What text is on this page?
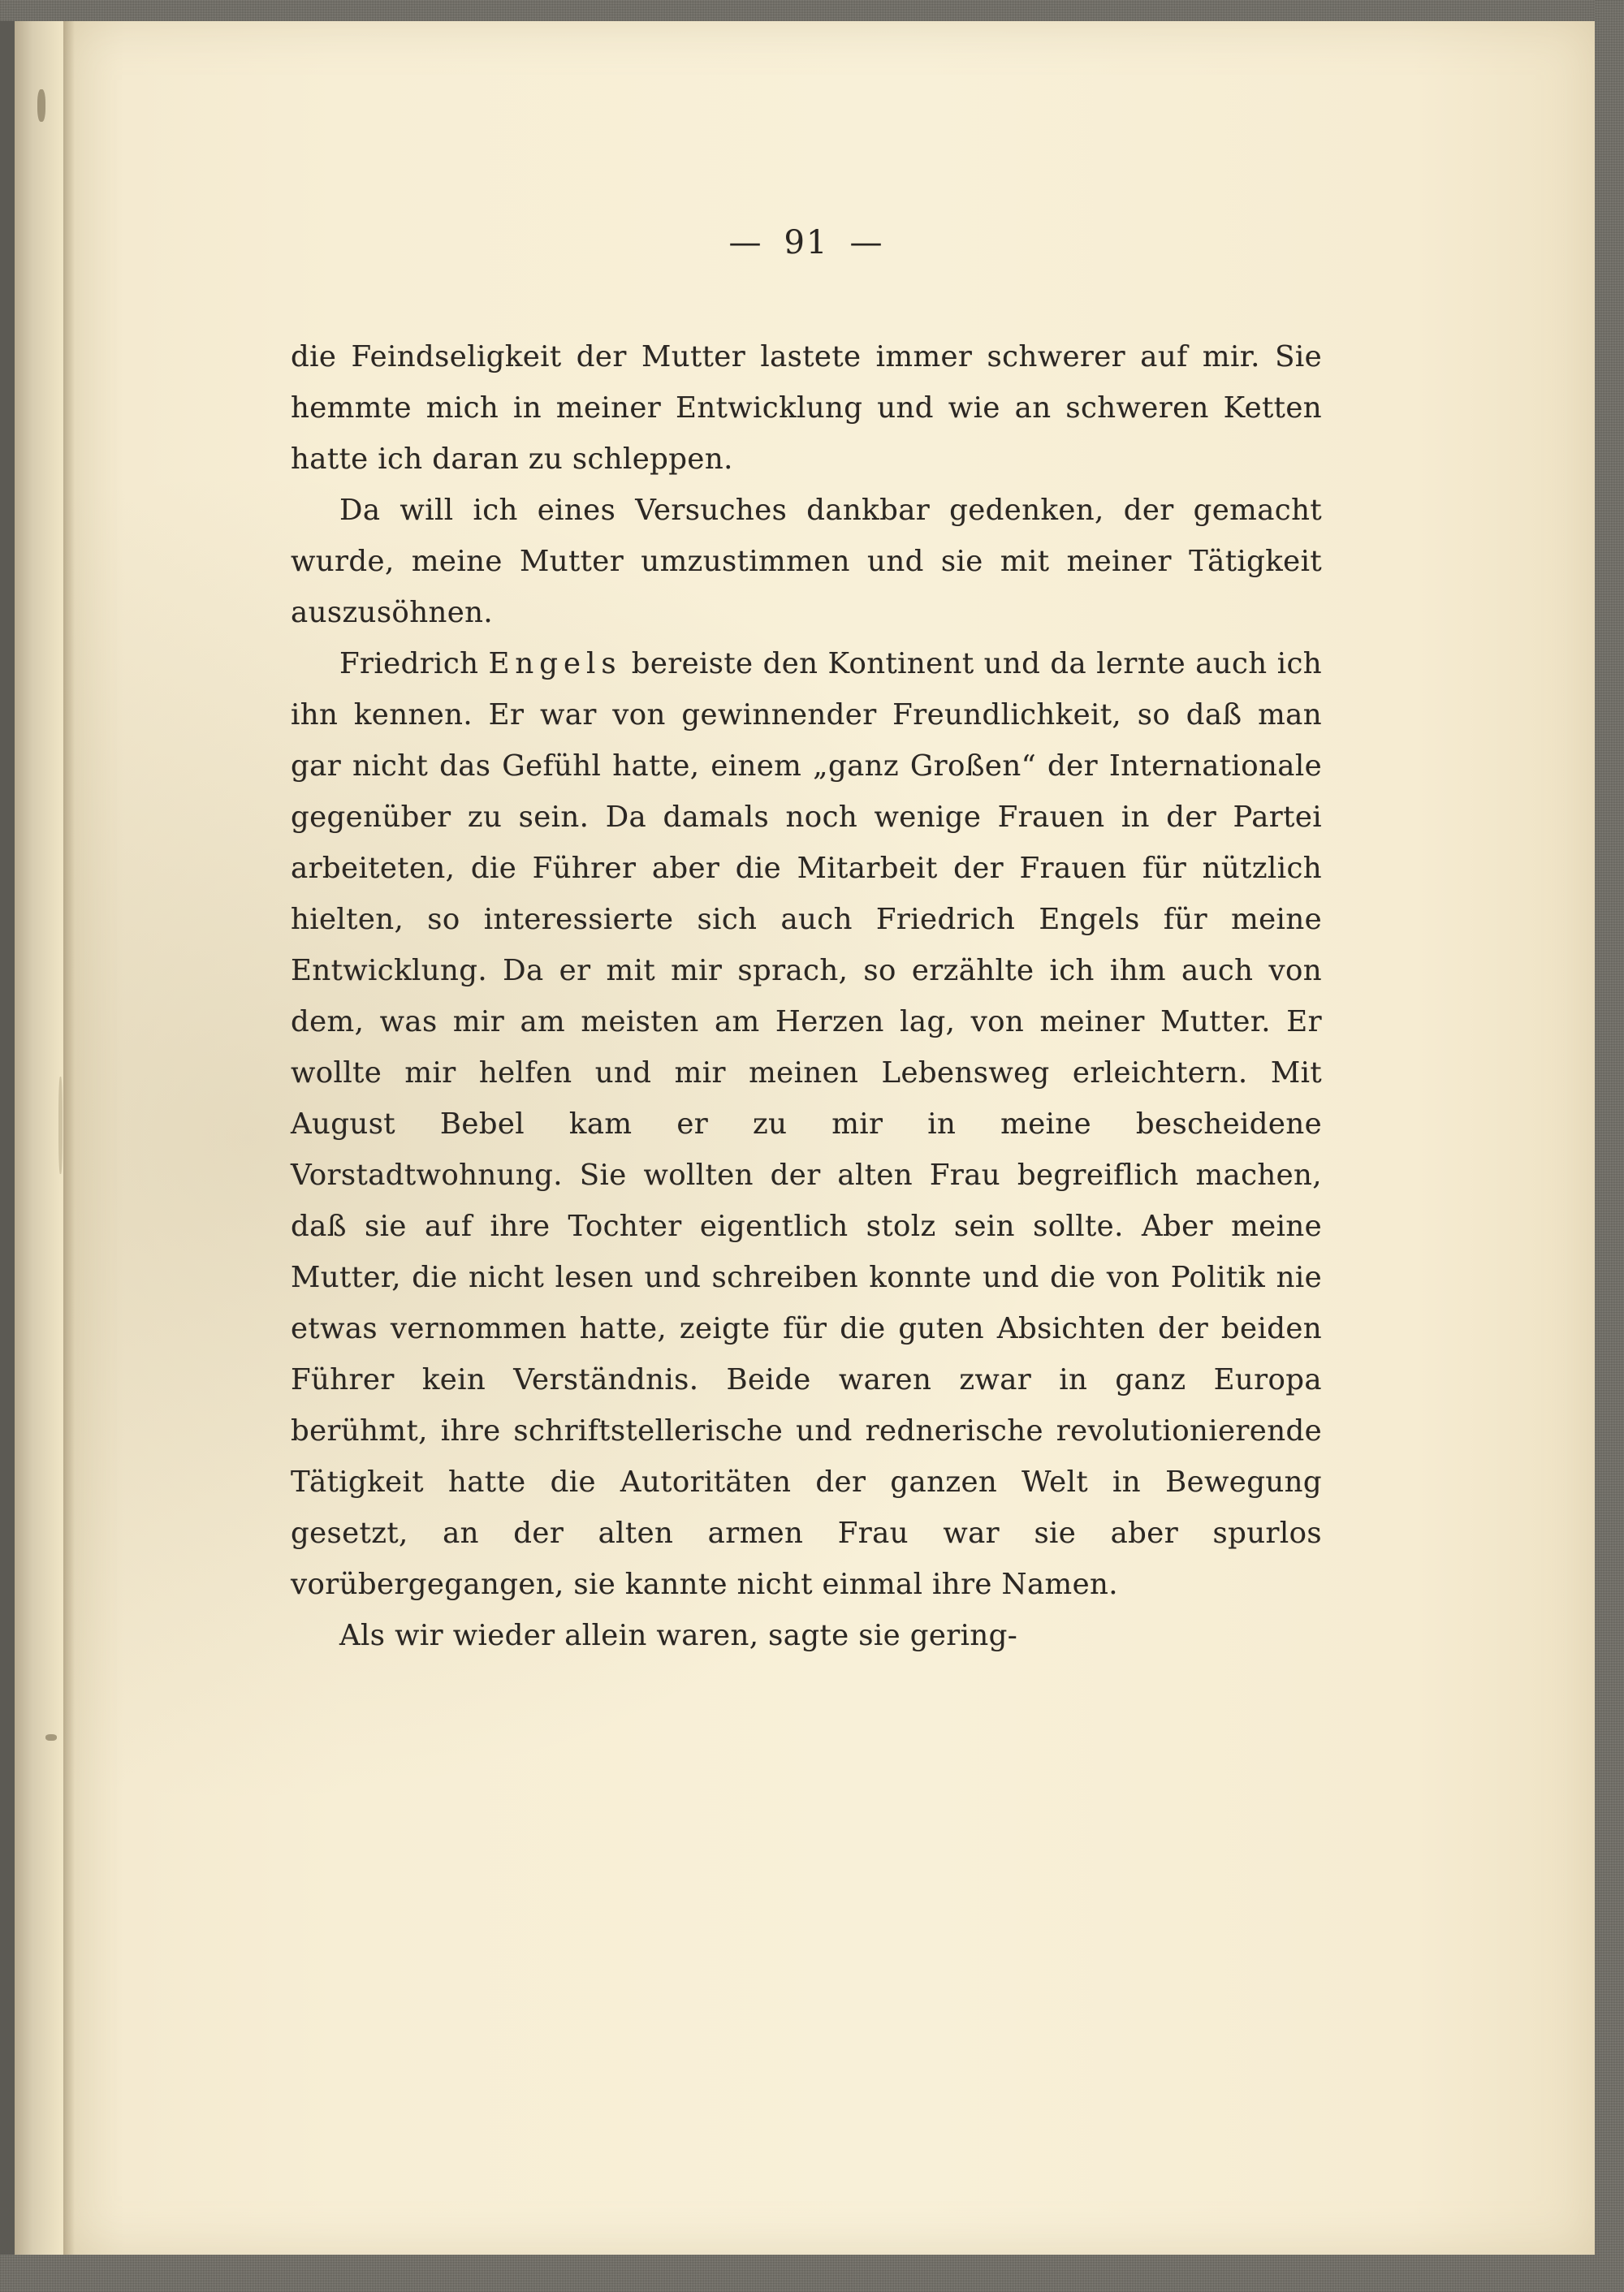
— 91 —

die Feindseligkeit der Mutter lastete immer schwerer auf mir. Sie hemmte mich in meiner Entwicklung und wie an schweren Ketten hatte ich daran zu schleppen.

Da will ich eines Versuches dankbar gedenken, der gemacht wurde, meine Mutter umzustimmen und sie mit meiner Tätigkeit auszusöhnen.

Friedrich Engels bereiste den Kontinent und da lernte auch ich ihn kennen. Er war von gewinnender Freundlichkeit, so daß man gar nicht das Gefühl hatte, einem „ganz Großen“ der Internationale gegenüber zu sein. Da damals noch wenige Frauen in der Partei arbeiteten, die Führer aber die Mitarbeit der Frauen für nützlich hielten, so interessierte sich auch Friedrich Engels für meine Entwicklung. Da er mit mir sprach, so erzählte ich ihm auch von dem, was mir am meisten am Herzen lag, von meiner Mutter. Er wollte mir helfen und mir meinen Lebensweg erleichtern. Mit August Bebel kam er zu mir in meine bescheidene Vorstadtwohnung. Sie wollten der alten Frau begreiflich machen, daß sie auf ihre Tochter eigentlich stolz sein sollte. Aber meine Mutter, die nicht lesen und schreiben konnte und die von Politik nie etwas vernommen hatte, zeigte für die guten Absichten der beiden Führer kein Verständnis. Beide waren zwar in ganz Europa berühmt, ihre schriftstellerische und rednerische revolutionierende Tätigkeit hatte die Autoritäten der ganzen Welt in Bewegung gesetzt, an der alten armen Frau war sie aber spurlos vorübergegangen, sie kannte nicht einmal ihre Namen.

Als wir wieder allein waren, sagte sie gering-
